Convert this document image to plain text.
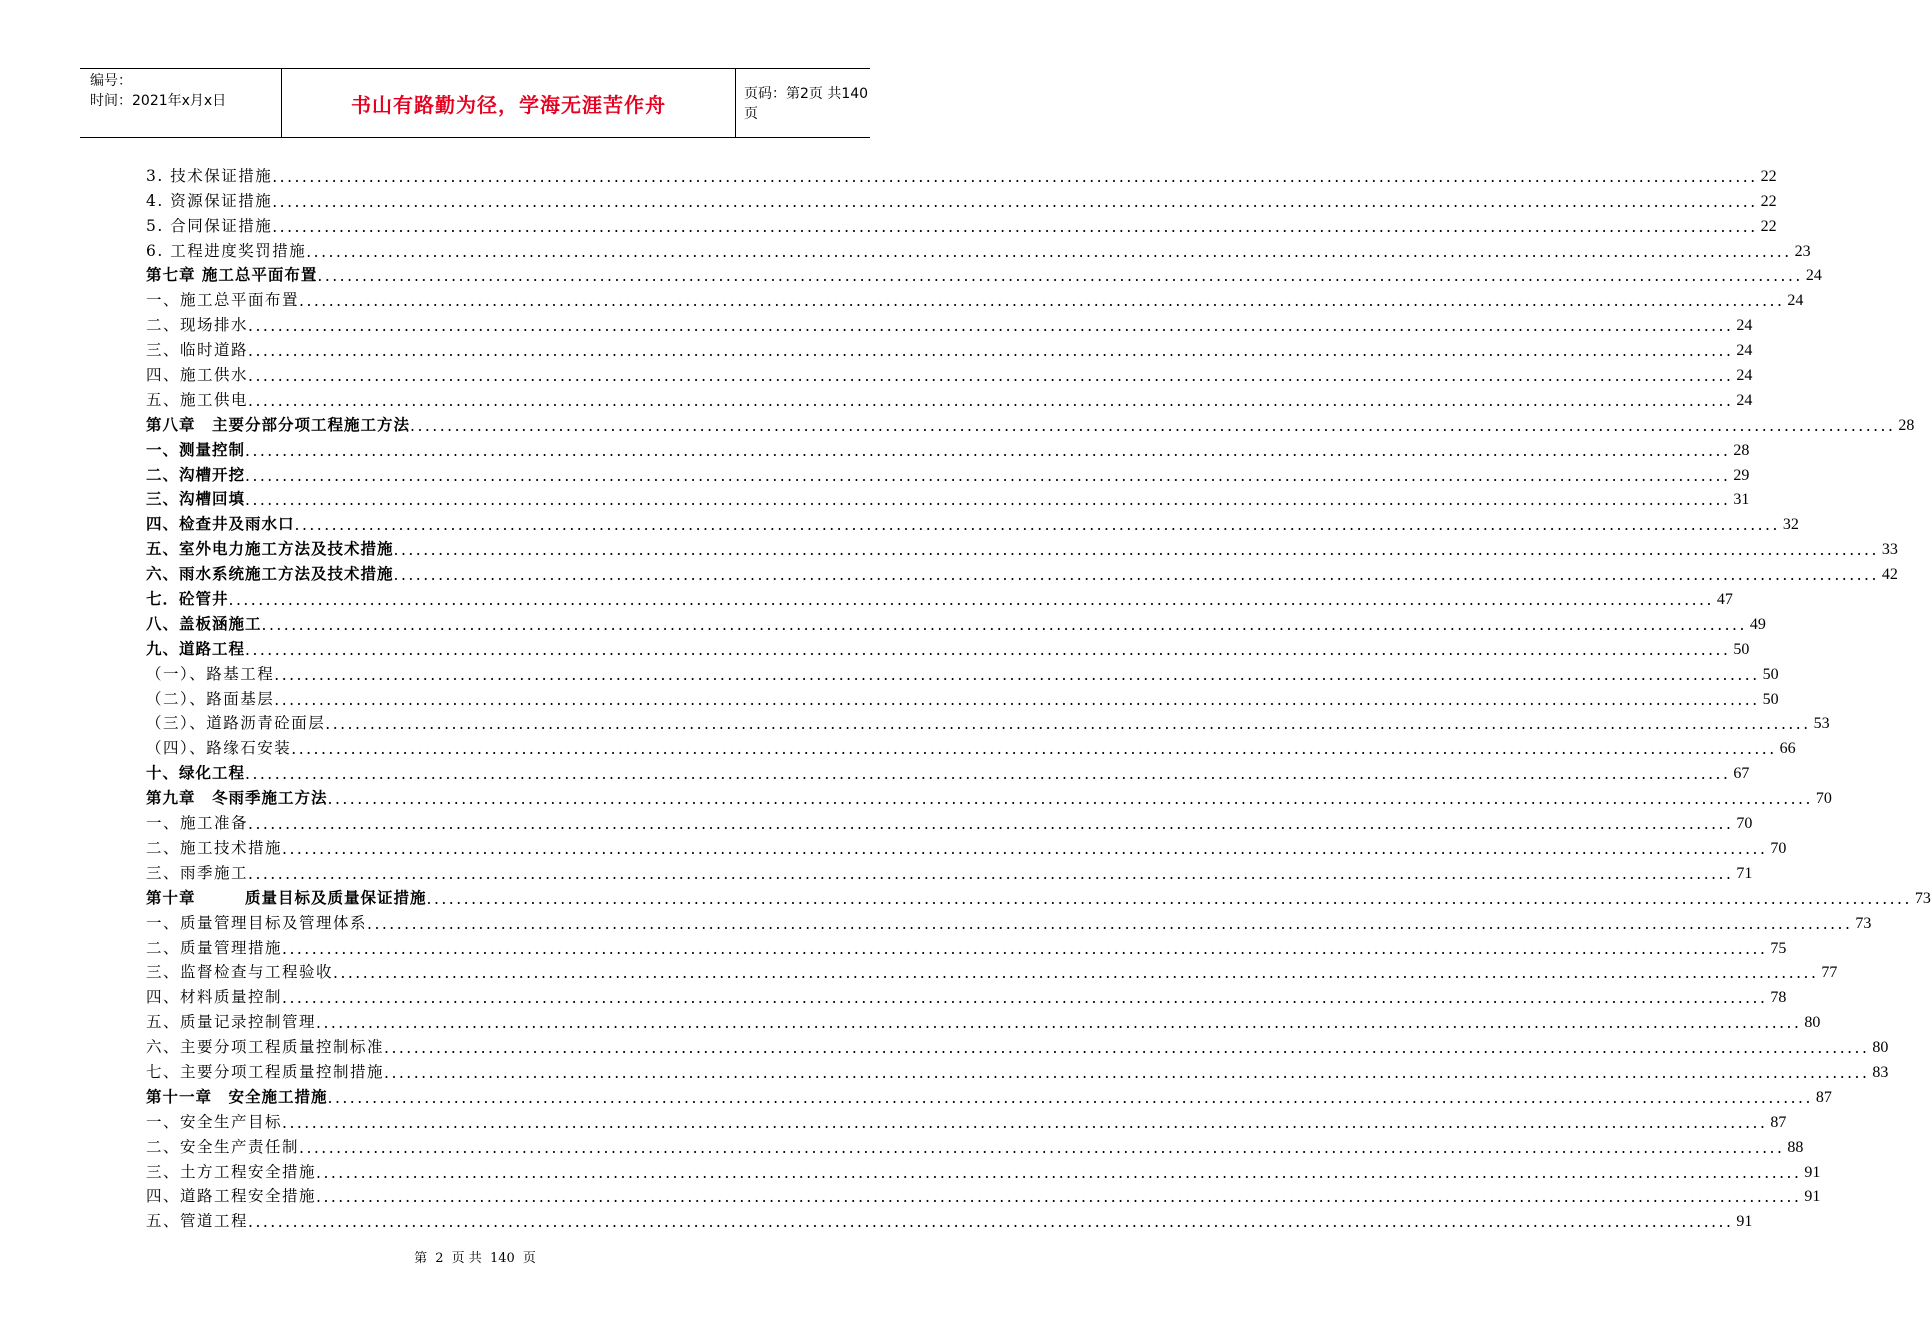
编号：
时间：2021年x月x日	书山有路勤为径，学海无涯苦作舟	页码：第2页 共140页
3. 技术保证措施 ........................................................................................................................................................................................................ 22
4. 资源保证措施 ........................................................................................................................................................................................................ 22
5. 合同保证措施 ........................................................................................................................................................................................................ 22
6. 工程进度奖罚措施 ........................................................................................................................................................................................................ 23
第七章 施工总平面布置 ........................................................................................................................................................................................................ 24
一、施工总平面布置 ........................................................................................................................................................................................................ 24
二、现场排水 ........................................................................................................................................................................................................ 24
三、临时道路 ........................................................................................................................................................................................................ 24
四、施工供水 ........................................................................................................................................................................................................ 24
五、施工供电 ........................................................................................................................................................................................................ 24
第八章　主要分部分项工程施工方法 ........................................................................................................................................................................................................ 28
一、测量控制 ........................................................................................................................................................................................................ 28
二、沟槽开挖 ........................................................................................................................................................................................................ 29
三、沟槽回填 ........................................................................................................................................................................................................ 31
四、检查井及雨水口 ........................................................................................................................................................................................................ 32
五、室外电力施工方法及技术措施 ........................................................................................................................................................................................................ 33
六、雨水系统施工方法及技术措施 ........................................................................................................................................................................................................ 42
七．砼管井 ........................................................................................................................................................................................................ 47
八、盖板涵施工 ........................................................................................................................................................................................................ 49
九、道路工程 ........................................................................................................................................................................................................ 50
（一）、路基工程 ........................................................................................................................................................................................................ 50
（二）、路面基层 ........................................................................................................................................................................................................ 50
（三）、道路沥青砼面层 ........................................................................................................................................................................................................ 53
（四）、路缘石安装 ........................................................................................................................................................................................................ 66
十、绿化工程 ........................................................................................................................................................................................................ 67
第九章　冬雨季施工方法 ........................................................................................................................................................................................................ 70
一、施工准备 ........................................................................................................................................................................................................ 70
二、施工技术措施 ........................................................................................................................................................................................................ 70
三、雨季施工 ........................................................................................................................................................................................................ 71
第十章　　　质量目标及质量保证措施 ........................................................................................................................................................................................................ 73
一、质量管理目标及管理体系 ........................................................................................................................................................................................................ 73
二、质量管理措施 ........................................................................................................................................................................................................ 75
三、监督检查与工程验收 ........................................................................................................................................................................................................ 77
四、材料质量控制 ........................................................................................................................................................................................................ 78
五、质量记录控制管理 ........................................................................................................................................................................................................ 80
六、主要分项工程质量控制标准 ........................................................................................................................................................................................................ 80
七、主要分项工程质量控制措施 ........................................................................................................................................................................................................ 83
第十一章　安全施工措施 ........................................................................................................................................................................................................ 87
一、安全生产目标 ........................................................................................................................................................................................................ 87
二、安全生产责任制 ........................................................................................................................................................................................................ 88
三、土方工程安全措施 ........................................................................................................................................................................................................ 91
四、道路工程安全措施 ........................................................................................................................................................................................................ 91
五、管道工程 ........................................................................................................................................................................................................ 91
第 2 页 共 140 页
